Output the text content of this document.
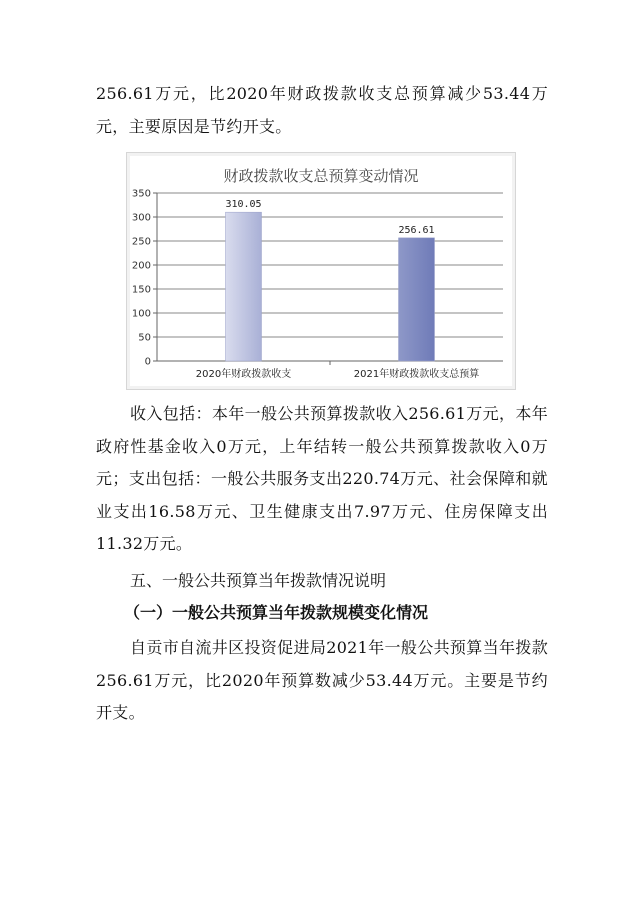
256.61万元，比2020年财政拨款收支总预算减少53.44万元，主要原因是节约开支。

财政拨款收支总预算变动情况
0
50
100
150
200
250
300
350
310.05
2020年财政拨款收支
256.61
2021年财政拨款收支总预算

收入包括：本年一般公共预算拨款收入256.61万元，本年政府性基金收入0万元，上年结转一般公共预算拨款收入0万元；支出包括：一般公共服务支出220.74万元、社会保障和就业支出16.58万元、卫生健康支出7.97万元、住房保障支出11.32万元。

五、一般公共预算当年拨款情况说明
（一）一般公共预算当年拨款规模变化情况

自贡市自流井区投资促进局2021年一般公共预算当年拨款256.61万元，比2020年预算数减少53.44万元。主要是节约开支。
